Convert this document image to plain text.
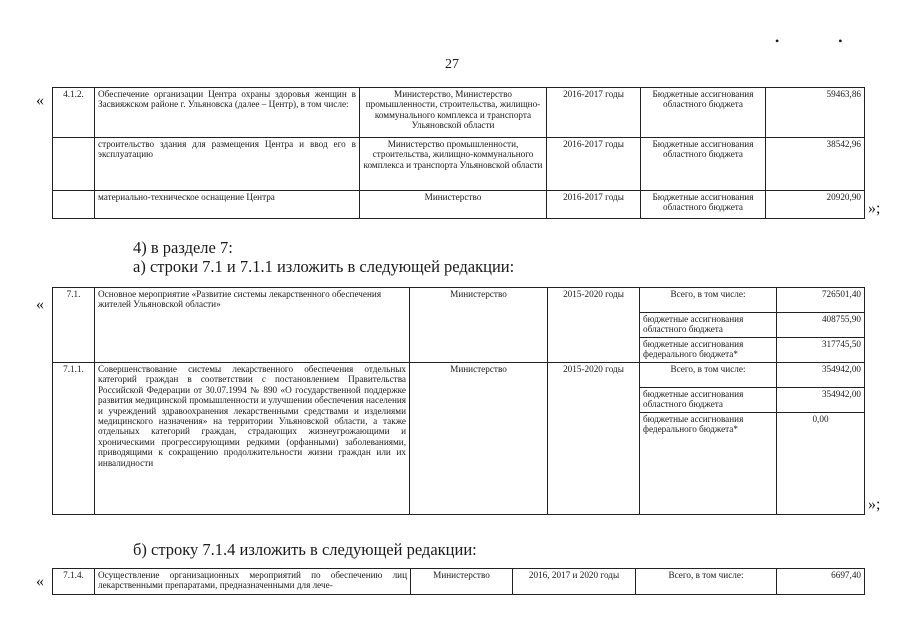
• •
27
« 4.1.2.	Обеспечение организации Центра охраны здоровья женщин в Засвияжском районе г. Ульяновска (далее – Центр), в том числе:	Министерство, Министерство промышленности, строительства, жилищно-коммунального комплекса и транспорта Ульяновской области	2016-2017 годы	Бюджетные ассигнования областного бюджета	59463,86
	строительство здания для размещения Центра и ввод его в эксплуатацию	Министерство промышленности, строительства, жилищно-коммунального комплекса и транспорта Ульяновской области	2016-2017 годы	Бюджетные ассигнования областного бюджета	38542,96
	материально-техническое оснащение Центра	Министерство	2016-2017 годы	Бюджетные ассигнования областного бюджета	20920,90
»;
4) в разделе 7:
а) строки 7.1 и 7.1.1 изложить в следующей редакции:
«
7.1.	Основное мероприятие «Развитие системы лекарственного обеспечения жителей Ульяновской области»	Министерство	2015-2020 годы	Всего, в том числе:	726501,40
				бюджетные ассигнования областного бюджета	408755,90
				бюджетные ассигнования федерального бюджета*	317745,50
7.1.1.	Совершенствование системы лекарственного обеспечения отдельных категорий граждан в соответствии с постановлением Правительства Российской Федерации от 30.07.1994 № 890 «О государственной поддержке развития медицинской промышленности и улучшении обеспечения населения и учреждений здравоохранения лекарственными средствами и изделиями медицинского назначения» на территории Ульяновской области, а также отдельных категорий граждан, страдающих жизнеугрожающими и хроническими прогрессирующими редкими (орфанными) заболеваниями, приводящими к сокращению продолжительности жизни граждан или их инвалидности	Министерство	2015-2020 годы	Всего, в том числе:	354942,00
				бюджетные ассигнования областного бюджета	354942,00
				бюджетные ассигнования федерального бюджета*	0,00
»;
б) строку 7.1.4 изложить в следующей редакции:
« 7.1.4.	Осуществление организационных мероприятий по обеспечению лиц лекарственными препаратами, предназначенными для лече-	Министерство	2016, 2017 и 2020 годы	Всего, в том числе:	6697,40
